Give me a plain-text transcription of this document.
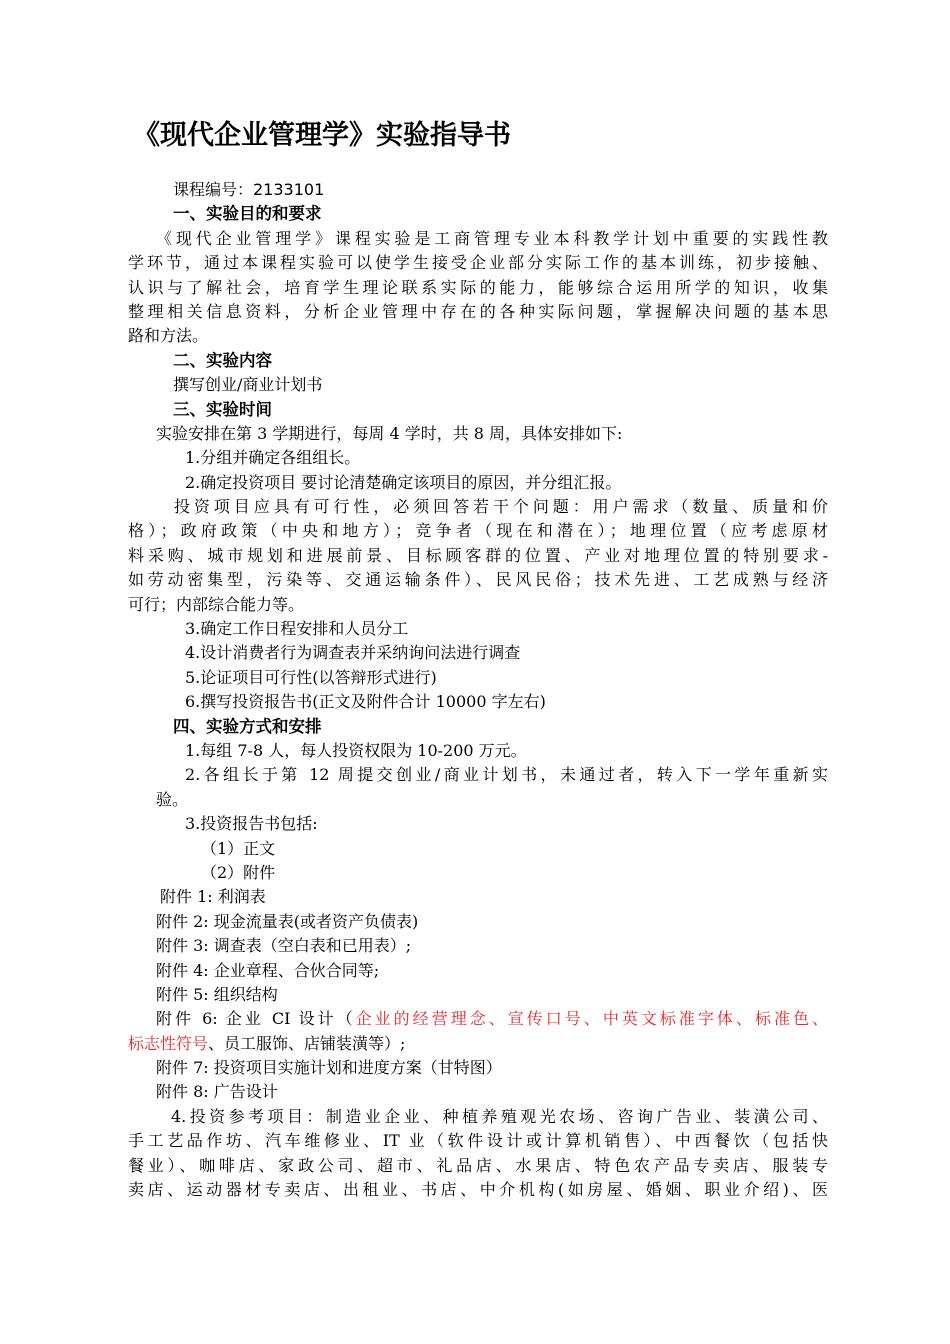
《现代企业管理学》实验指导书
课程编号：2133101
一、实验目的和要求
《现代企业管理学》课程实验是工商管理专业本科教学计划中重要的实践性教
学环节，通过本课程实验可以使学生接受企业部分实际工作的基本训练，初步接触、
认识与了解社会，培育学生理论联系实际的能力，能够综合运用所学的知识，收集
整理相关信息资料，分析企业管理中存在的各种实际问题，掌握解决问题的基本思
路和方法。
二、实验内容
撰写创业/商业计划书
三、实验时间
实验安排在第 3 学期进行，每周 4 学时，共 8 周，具体安排如下:
1.分组并确定各组组长。
2.确定投资项目 要讨论清楚确定该项目的原因，并分组汇报。
投资项目应具有可行性，必须回答若干个问题：用户需求（数量、质量和价
格）；政府政策（中央和地方）；竞争者（现在和潜在）；地理位置（应考虑原材
料采购、城市规划和进展前景、目标顾客群的位置、产业对地理位置的特别要求-
如劳动密集型，污染等、交通运输条件）、民风民俗；技术先进、工艺成熟与经济
可行；内部综合能力等。
3.确定工作日程安排和人员分工
4.设计消费者行为调查表并采纳询问法进行调查
5.论证项目可行性(以答辩形式进行)
6.撰写投资报告书(正文及附件合计 10000 字左右)
四、实验方式和安排
1.每组 7-8 人，每人投资权限为 10-200 万元。
2.各组长于第 12 周提交创业/商业计划书，未通过者，转入下一学年重新实
验。
3.投资报告书包括:
（1）正文
（2）附件
附件 1: 利润表
附件 2: 现金流量表(或者资产负债表)
附件 3: 调查表（空白表和已用表）;
附件 4: 企业章程、合伙合同等;
附件 5: 组织结构
附件 6: 企业 CI 设计（企业的经营理念、宣传口号、中英文标准字体、标准色、
标志性符号、员工服饰、店铺装潢等）;
附件 7: 投资项目实施计划和进度方案（甘特图）
附件 8: 广告设计
4.投资参考项目：制造业企业、种植养殖观光农场、咨询广告业、装潢公司、
手工艺品作坊、汽车维修业、IT 业（软件设计或计算机销售）、中西餐饮（包括快
餐业）、咖啡店、家政公司、超市、礼品店、水果店、特色农产品专卖店、服装专
卖店、运动器材专卖店、出租业、书店、中介机构(如房屋、婚姻、职业介绍)、医
